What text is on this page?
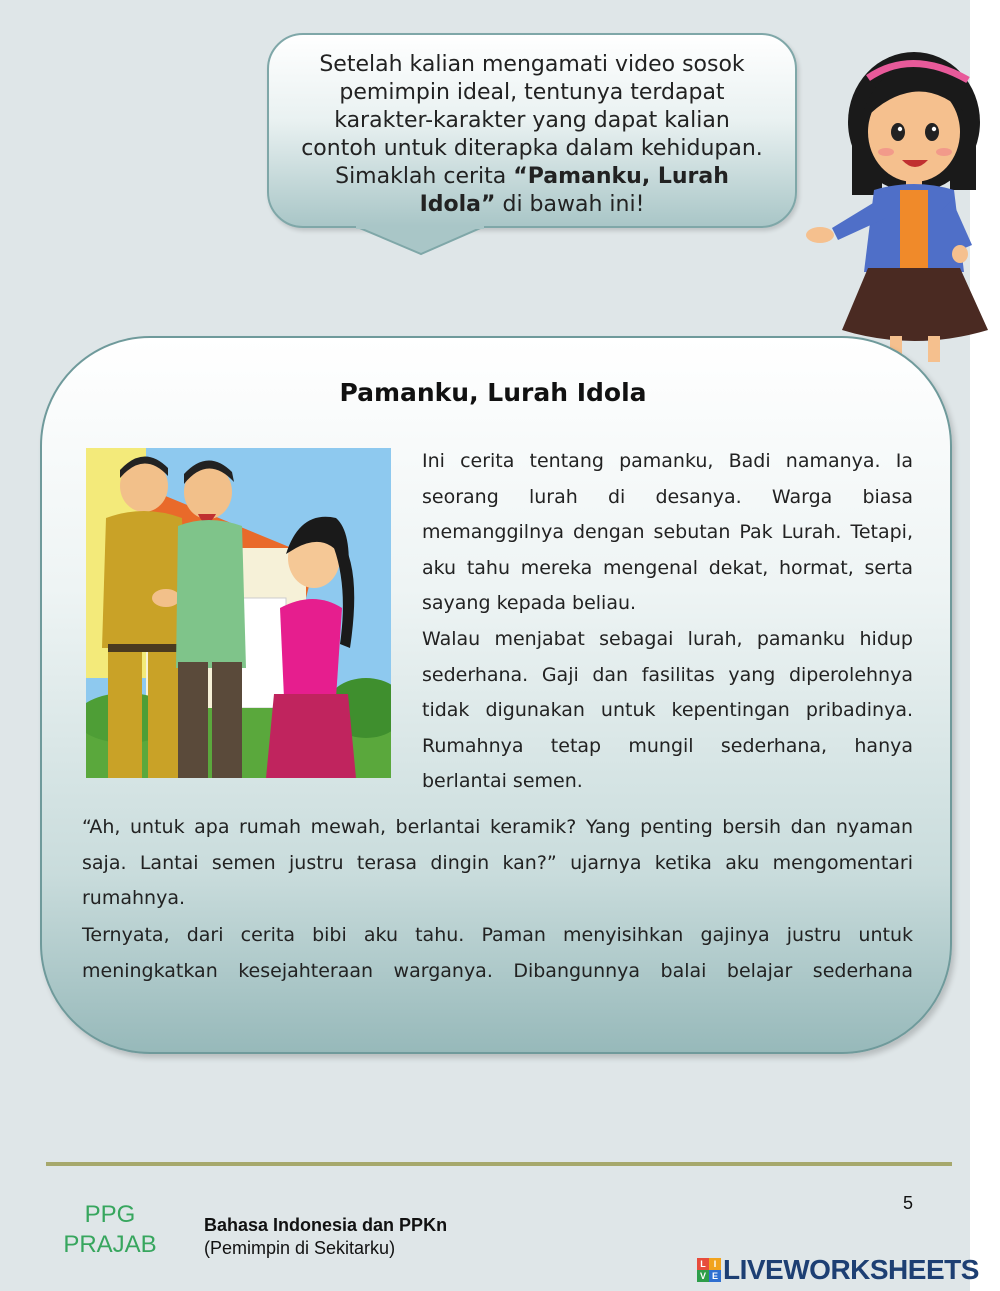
Setelah kalian mengamati video sosok
pemimpin ideal, tentunya terdapat
karakter-karakter yang dapat kalian
contoh untuk diterapka dalam kehidupan.
Simaklah cerita “Pamanku, Lurah
Idola” di bawah ini!
Pamanku, Lurah Idola

Ini cerita tentang pamanku, Badi namanya. Ia seorang lurah di desanya. Warga biasa memanggilnya dengan sebutan Pak Lurah. Tetapi, aku tahu mereka mengenal dekat, hormat, serta sayang kepada beliau.

Walau menjabat sebagai lurah, pamanku hidup sederhana. Gaji dan fasilitas yang diperolehnya tidak digunakan untuk kepentingan pribadinya. Rumahnya tetap mungil sederhana, hanya berlantai semen.

“Ah, untuk apa rumah mewah, berlantai keramik? Yang penting bersih dan nyaman saja. Lantai semen justru terasa dingin kan?” ujarnya ketika aku mengomentari rumahnya.

Ternyata, dari cerita bibi aku tahu. Paman menyisihkan gajinya justru untuk meningkatkan kesejahteraan warganya. Dibangunnya balai belajar sederhana

PPG
PRAJAB
Bahasa Indonesia dan PPKn
(Pemimpin di Sekitarku)
5
L I
V E LIVEWORKSHEETS
